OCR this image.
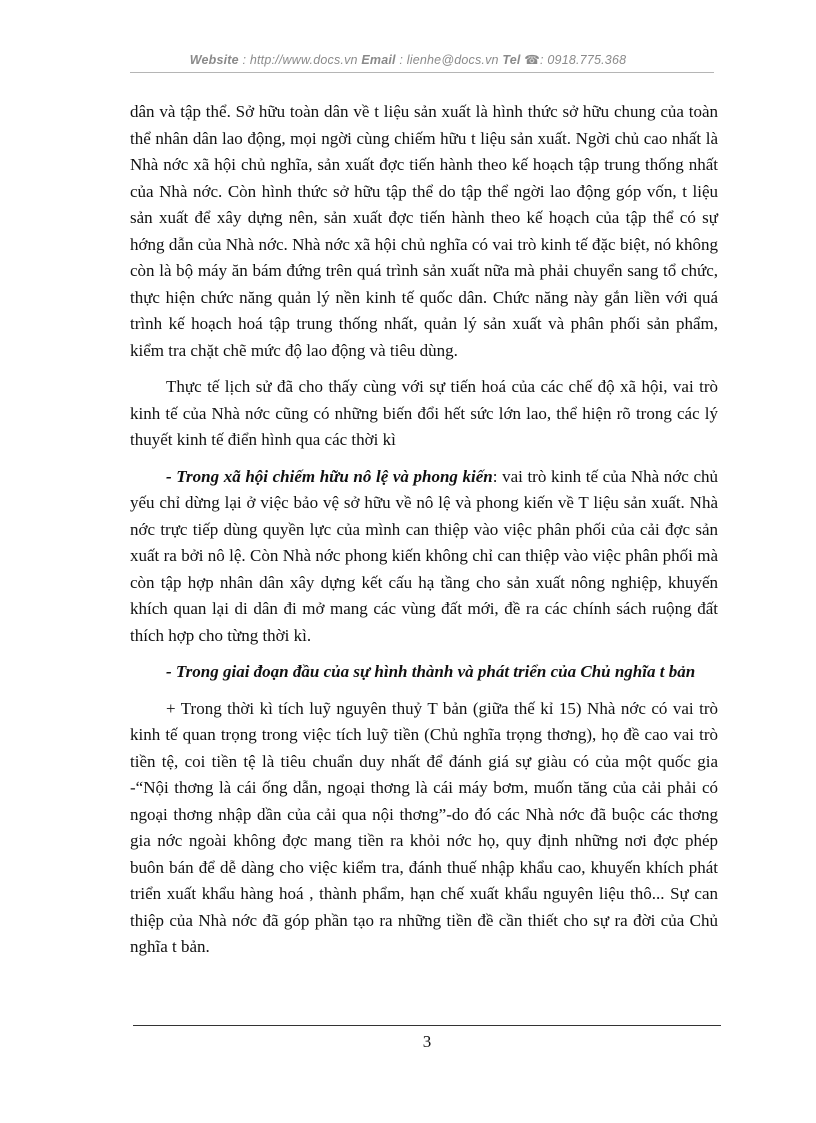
Website : http://www.docs.vn Email : lienhe@docs.vn Tel ☎: 0918.775.368

dân và tập thể. Sở hữu toàn dân về t liệu sản xuất là hình thức sở hữu chung của toàn thể nhân dân lao động, mọi ngời cùng chiếm hữu t liệu sản xuất. Ngời chủ cao nhất là Nhà nớc xã hội chủ nghĩa, sản xuất đợc tiến hành theo kế hoạch tập trung thống nhất của Nhà nớc. Còn hình thức sở hữu tập thể do tập thể ngời lao động góp vốn, t liệu sản xuất để xây dựng nên, sản xuất đợc tiến hành theo kế hoạch của tập thể có sự hớng dẫn của Nhà nớc. Nhà nớc xã hội chủ nghĩa có vai trò kinh tế đặc biệt, nó không còn là bộ máy ăn bám đứng trên quá trình sản xuất nữa mà phải chuyển sang tổ chức, thực hiện chức năng quản lý nền kinh tế quốc dân. Chức năng này gắn liền với quá trình kế hoạch hoá tập trung thống nhất, quản lý sản xuất và phân phối sản phẩm, kiểm tra chặt chẽ mức độ lao động và tiêu dùng.

Thực tế lịch sử đã cho thấy cùng với sự tiến hoá của các chế độ xã hội, vai trò kinh tế của Nhà nớc cũng có những biến đổi hết sức lớn lao, thể hiện rõ trong các lý thuyết kinh tế điển hình qua các thời kì

- Trong xã hội chiếm hữu nô lệ và phong kiến: vai trò kinh tế của Nhà nớc chủ yếu chỉ dừng lại ở việc bảo vệ sở hữu về nô lệ và phong kiến về T liệu sản xuất. Nhà nớc trực tiếp dùng quyền lực của mình can thiệp vào việc phân phối của cải đợc sản xuất ra bởi nô lệ. Còn Nhà nớc phong kiến không chỉ can thiệp vào việc phân phối mà còn tập hợp nhân dân xây dựng kết cấu hạ tầng cho sản xuất nông nghiệp, khuyến khích quan lại di dân đi mở mang các vùng đất mới, đề ra các chính sách ruộng đất thích hợp cho từng thời kì.

- Trong giai đoạn đầu của sự hình thành và phát triển của Chủ nghĩa t bản

+ Trong thời kì tích luỹ nguyên thuỷ T bản (giữa thế kỉ 15) Nhà nớc có vai trò kinh tế quan trọng trong việc tích luỹ tiền (Chủ nghĩa trọng thơng), họ đề cao vai trò tiền tệ, coi tiền tệ là tiêu chuẩn duy nhất để đánh giá sự giàu có của một quốc gia -“Nội thơng là cái ống dẫn, ngoại thơng là cái máy bơm, muốn tăng của cải phải có ngoại thơng nhập dần của cải qua nội thơng”-do đó các Nhà nớc đã buộc các thơng gia nớc ngoài không đợc mang tiền ra khỏi nớc họ, quy định những nơi đợc phép buôn bán để dễ dàng cho việc kiểm tra, đánh thuế nhập khẩu cao, khuyến khích phát triển xuất khẩu hàng hoá , thành phẩm, hạn chế xuất khẩu nguyên liệu thô... Sự can thiệp của Nhà nớc đã góp phần tạo ra những tiền đề cần thiết cho sự ra đời của Chủ nghĩa t bản.

3
